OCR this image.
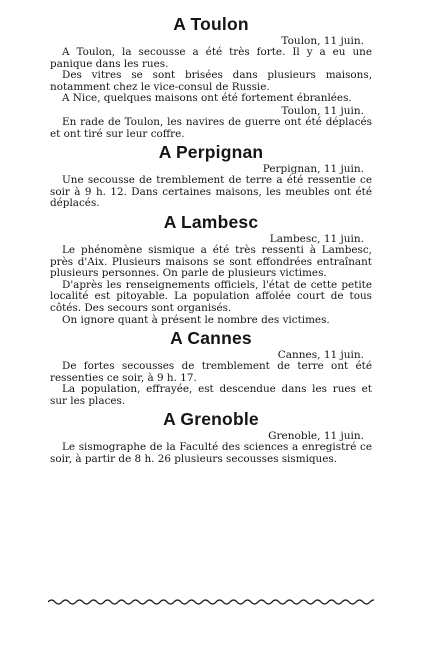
A Toulon

Toulon, 11 juin.

A Toulon, la secousse a été très forte. Il y a eu une panique dans les rues.

Des vitres se sont brisées dans plusieurs maisons, notamment chez le vice-consul de Russie.

A Nice, quelques maisons ont été fortement ébranlées.

Toulon, 11 juin.

En rade de Toulon, les navires de guerre ont été déplacés et ont tiré sur leur coffre.

A Perpignan

Perpignan, 11 juin.

Une secousse de tremblement de terre a été ressentie ce soir à 9 h. 12. Dans certaines maisons, les meubles ont été déplacés.

A Lambesc

Lambesc, 11 juin.

Le phénomène sismique a été très ressenti à Lambesc, près d'Aix. Plusieurs maisons se sont effondrées entraînant plusieurs personnes. On parle de plusieurs victimes.

D'après les renseignements officiels, l'état de cette petite localité est pitoyable. La population affolée court de tous côtés. Des secours sont organisés.

On ignore quant à présent le nombre des victimes.

A Cannes

Cannes, 11 juin.

De fortes secousses de tremblement de terre ont été ressenties ce soir, à 9 h. 17.

La population, effrayée, est descendue dans les rues et sur les places.

A Grenoble

Grenoble, 11 juin.

Le sismographe de la Faculté des sciences a enregistré ce soir, à partir de 8 h. 26 plusieurs secousses sismiques.
